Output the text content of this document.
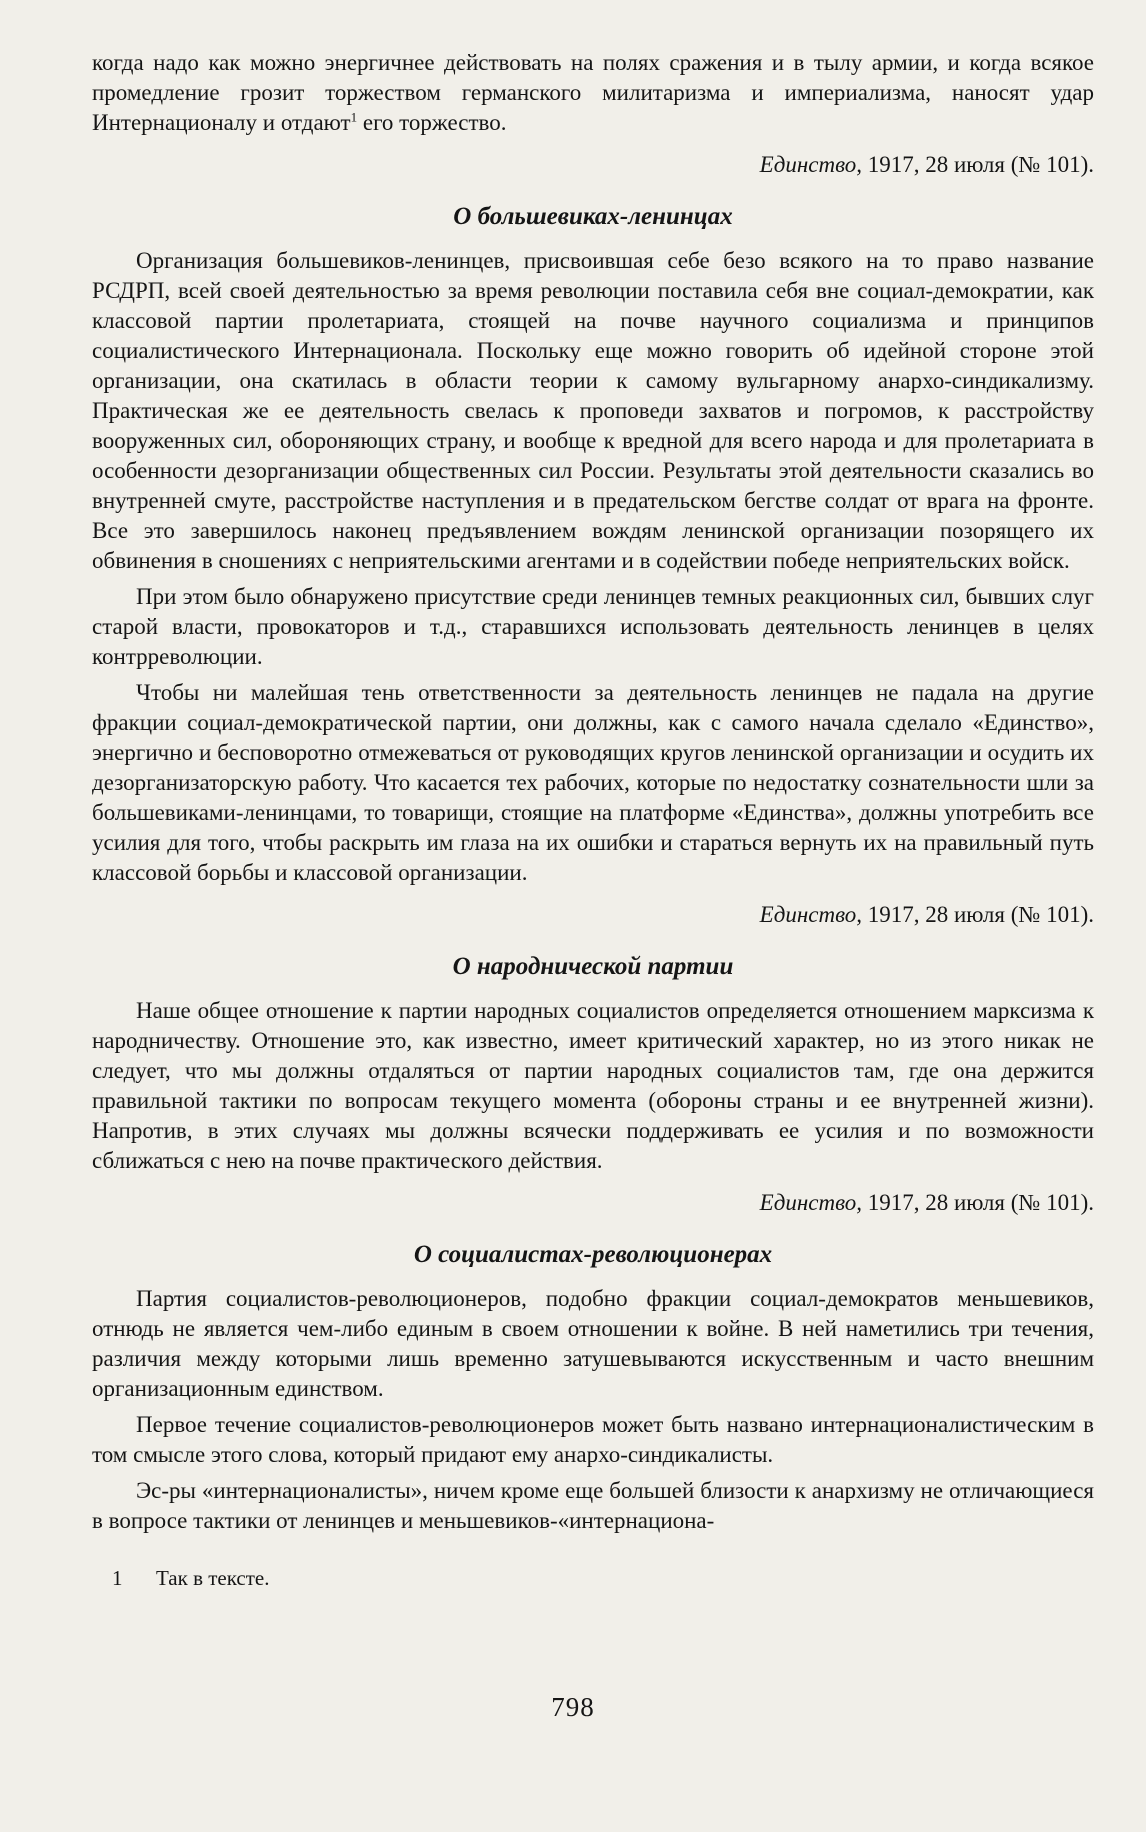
когда надо как можно энергичнее действовать на полях сражения и в тылу армии, и когда всякое промедление грозит торжеством германского милитаризма и империализма, наносят удар Интернационалу и отдают$^1$ его торжество.

Единство, 1917, 28 июля (№ 101).
О большевиках-ленинцах

Организация большевиков-ленинцев, присвоившая себе безо всякого на то право название РСДРП, всей своей деятельностью за время революции поставила себя вне социал-демократии, как классовой партии пролетариата, стоящей на почве научного социализма и принципов социалистического Интернационала. Поскольку еще можно говорить об идейной стороне этой организации, она скатилась в области теории к самому вульгарному анархо-синдикализму. Практическая же ее деятельность свелась к проповеди захватов и погромов, к расстройству вооруженных сил, обороняющих страну, и вообще к вредной для всего народа и для пролетариата в особенности дезорганизации общественных сил России. Результаты этой деятельности сказались во внутренней смуте, расстройстве наступления и в предательском бегстве солдат от врага на фронте. Все это завершилось наконец предъявлением вождям ленинской организации позорящего их обвинения в сношениях с неприятельскими агентами и в содействии победе неприятельских войск.

При этом было обнаружено присутствие среди ленинцев темных реакционных сил, бывших слуг старой власти, провокаторов и т.д., старавшихся использовать деятельность ленинцев в целях контрреволюции.

Чтобы ни малейшая тень ответственности за деятельность ленинцев не падала на другие фракции социал-демократической партии, они должны, как с самого начала сделало «Единство», энергично и бесповоротно отмежеваться от руководящих кругов ленинской организации и осудить их дезорганизаторскую работу. Что касается тех рабочих, которые по недостатку сознательности шли за большевиками-ленинцами, то товарищи, стоящие на платформе «Единства», должны употребить все усилия для того, чтобы раскрыть им глаза на их ошибки и стараться вернуть их на правильный путь классовой борьбы и классовой организации.

Единство, 1917, 28 июля (№ 101).
О народнической партии

Наше общее отношение к партии народных социалистов определяется отношением марксизма к народничеству. Отношение это, как известно, имеет критический характер, но из этого никак не следует, что мы должны отдаляться от партии народных социалистов там, где она держится правильной тактики по вопросам текущего момента (обороны страны и ее внутренней жизни). Напротив, в этих случаях мы должны всячески поддерживать ее усилия и по возможности сближаться с нею на почве практического действия.

Единство, 1917, 28 июля (№ 101).
О социалистах-революционерах

Партия социалистов-революционеров, подобно фракции социал-демократов меньшевиков, отнюдь не является чем-либо единым в своем отношении к войне. В ней наметились три течения, различия между которыми лишь временно затушевываются искусственным и часто внешним организационным единством.

Первое течение социалистов-революционеров может быть названо интернационалистическим в том смысле этого слова, который придают ему анархо-синдикалисты.

Эс-ры «интернационалисты», ничем кроме еще большей близости к анархизму не отличающиеся в вопросе тактики от ленинцев и меньшевиков-«интернациона-

1	Так в тексте.
798
